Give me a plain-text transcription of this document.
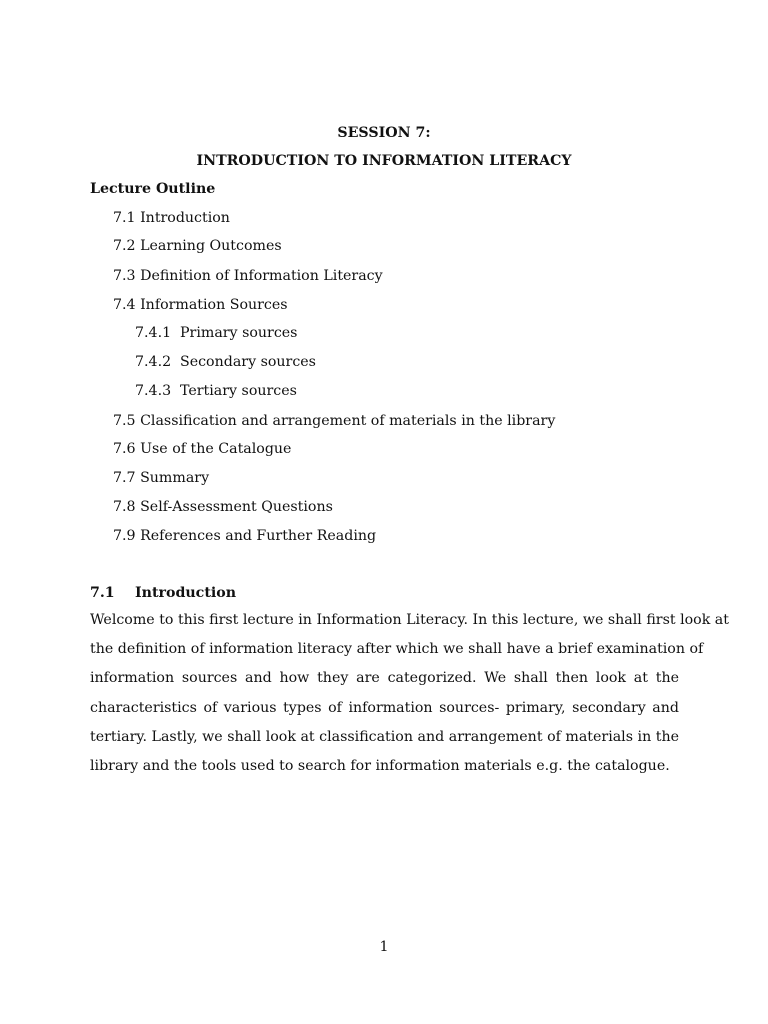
SESSION 7:
INTRODUCTION TO INFORMATION LITERACY
Lecture Outline
7.1 Introduction
7.2 Learning Outcomes
7.3 Definition of Information Literacy
7.4 Information Sources
7.4.1 Primary sources
7.4.2 Secondary sources
7.4.3 Tertiary sources
7.5 Classification and arrangement of materials in the library
7.6 Use of the Catalogue
7.7 Summary
7.8 Self-Assessment Questions
7.9 References and Further Reading
7.1 Introduction
Welcome to this first lecture in Information Literacy. In this lecture, we shall first look at
the definition of information literacy after which we shall have a brief examination of
information sources and how they are categorized. We shall then look at the
characteristics of various types of information sources- primary, secondary and
tertiary. Lastly, we shall look at classification and arrangement of materials in the
library and the tools used to search for information materials e.g. the catalogue.
1
